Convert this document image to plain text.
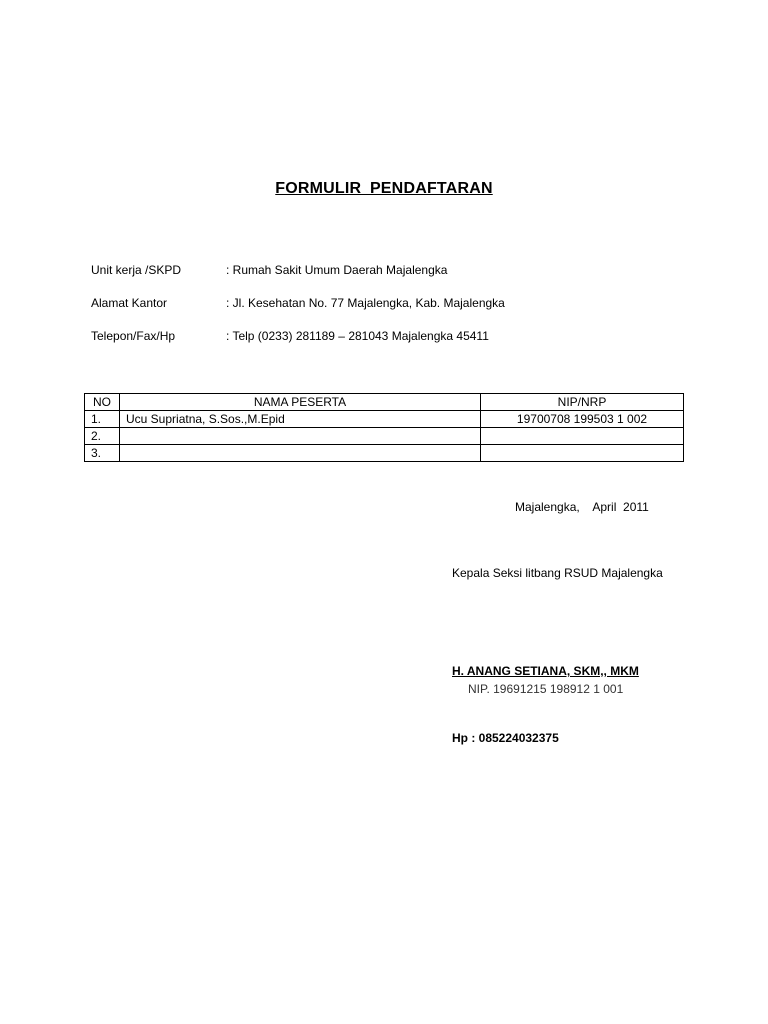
FORMULIR PENDAFTARAN
Unit kerja /SKPD	: Rumah Sakit Umum Daerah Majalengka
Alamat Kantor	: Jl. Kesehatan No. 77 Majalengka, Kab. Majalengka
Telepon/Fax/Hp	: Telp (0233) 281189 – 281043 Majalengka 45411
NO	NAMA PESERTA	NIP/NRP
1.	Ucu Supriatna, S.Sos.,M.Epid	19700708 199503 1 002
2.		
3.		
Majalengka,    April  2011
Kepala Seksi litbang RSUD Majalengka
H. ANANG SETIANA, SKM,, MKM
NIP. 19691215 198912 1 001
Hp : 085224032375
